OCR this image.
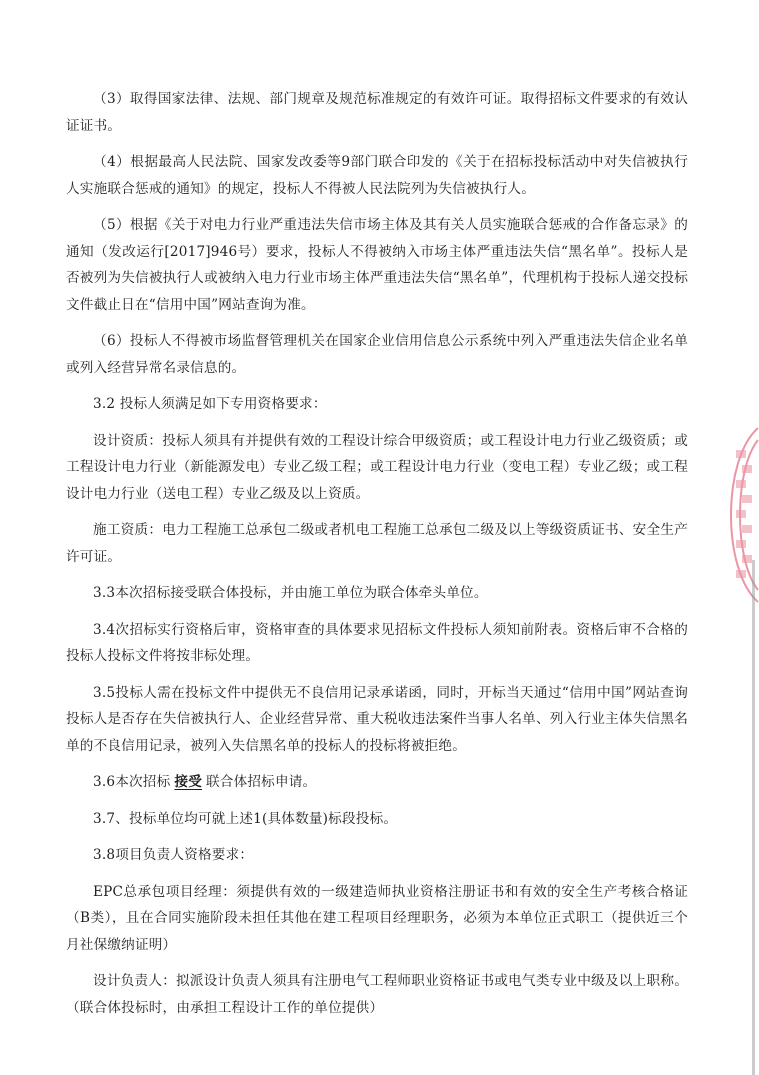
（3）取得国家法律、法规、部门规章及规范标准规定的有效许可证。取得招标文件要求的有效认证证书。

（4）根据最高人民法院、国家发改委等9部门联合印发的《关于在招标投标活动中对失信被执行人实施联合惩戒的通知》的规定，投标人不得被人民法院列为失信被执行人。

（5）根据《关于对电力行业严重违法失信市场主体及其有关人员实施联合惩戒的合作备忘录》的通知（发改运行[2017]946号）要求，投标人不得被纳入市场主体严重违法失信“黑名单”。投标人是否被列为失信被执行人或被纳入电力行业市场主体严重违法失信“黑名单”，代理机构于投标人递交投标文件截止日在“信用中国”网站查询为准。

（6）投标人不得被市场监督管理机关在国家企业信用信息公示系统中列入严重违法失信企业名单或列入经营异常名录信息的。

3.2 投标人须满足如下专用资格要求：

设计资质：投标人须具有并提供有效的工程设计综合甲级资质；或工程设计电力行业乙级资质；或工程设计电力行业（新能源发电）专业乙级工程；或工程设计电力行业（变电工程）专业乙级；或工程设计电力行业（送电工程）专业乙级及以上资质。

施工资质：电力工程施工总承包二级或者机电工程施工总承包二级及以上等级资质证书、安全生产许可证。

3.3本次招标接受联合体投标，并由施工单位为联合体牵头单位。

3.4次招标实行资格后审，资格审查的具体要求见招标文件投标人须知前附表。资格后审不合格的投标人投标文件将按非标处理。

3.5投标人需在投标文件中提供无不良信用记录承诺函，同时，开标当天通过“信用中国”网站查询投标人是否存在失信被执行人、企业经营异常、重大税收违法案件当事人名单、列入行业主体失信黑名单的不良信用记录，被列入失信黑名单的投标人的投标将被拒绝。

3.6本次招标 接受 联合体招标申请。

3.7、投标单位均可就上述1(具体数量)标段投标。

3.8项目负责人资格要求：

EPC总承包项目经理：须提供有效的一级建造师执业资格注册证书和有效的安全生产考核合格证（B类），且在合同实施阶段未担任其他在建工程项目经理职务，必须为本单位正式职工（提供近三个月社保缴纳证明）

设计负责人：拟派设计负责人须具有注册电气工程师职业资格证书或电气类专业中级及以上职称。（联合体投标时，由承担工程设计工作的单位提供）
